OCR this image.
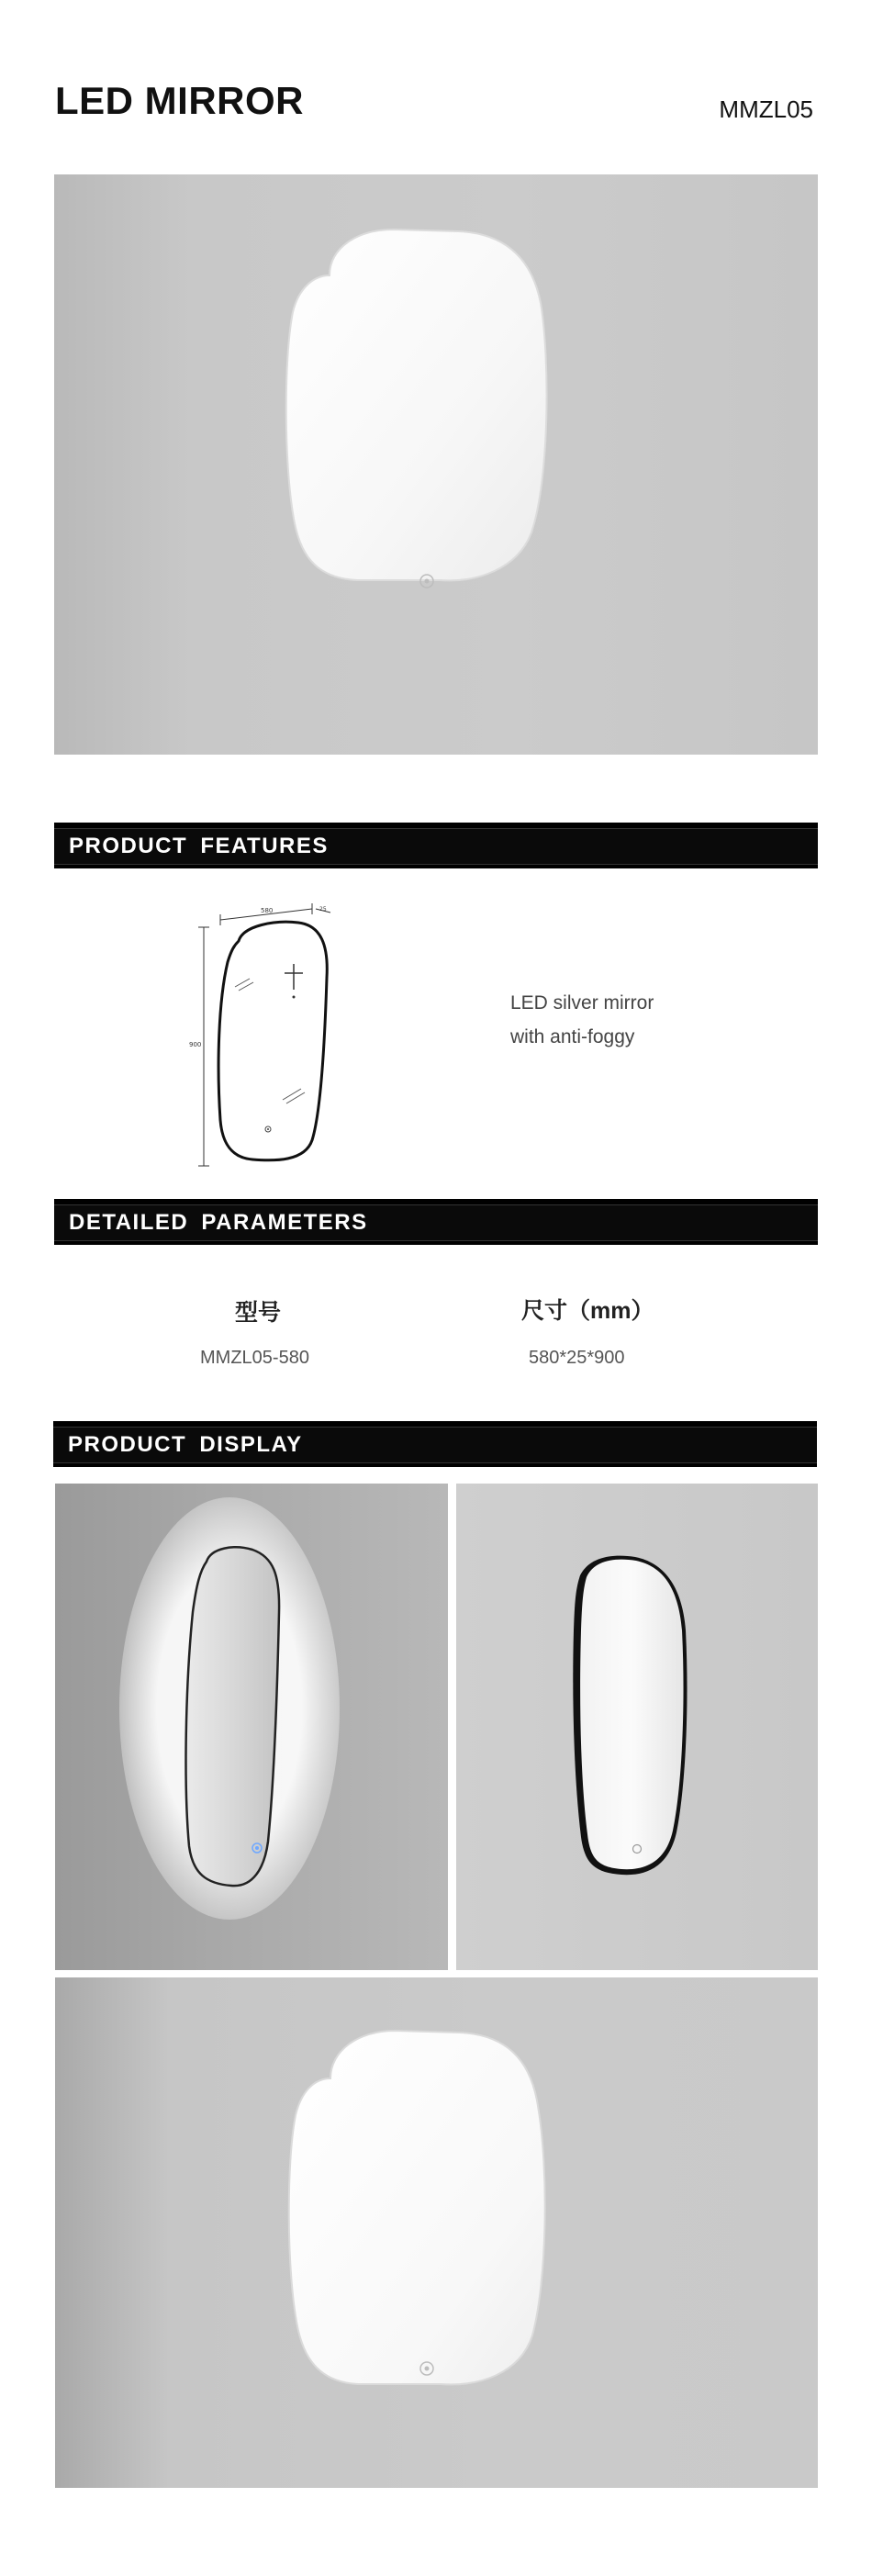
LED MIRROR	MMZL05
PRODUCT FEATURES
580
900
25
LED silver mirror
with anti-foggy
DETAILED PARAMETERS
型号	尺寸（mm）
MMZL05-580	580*25*900
PRODUCT DISPLAY
